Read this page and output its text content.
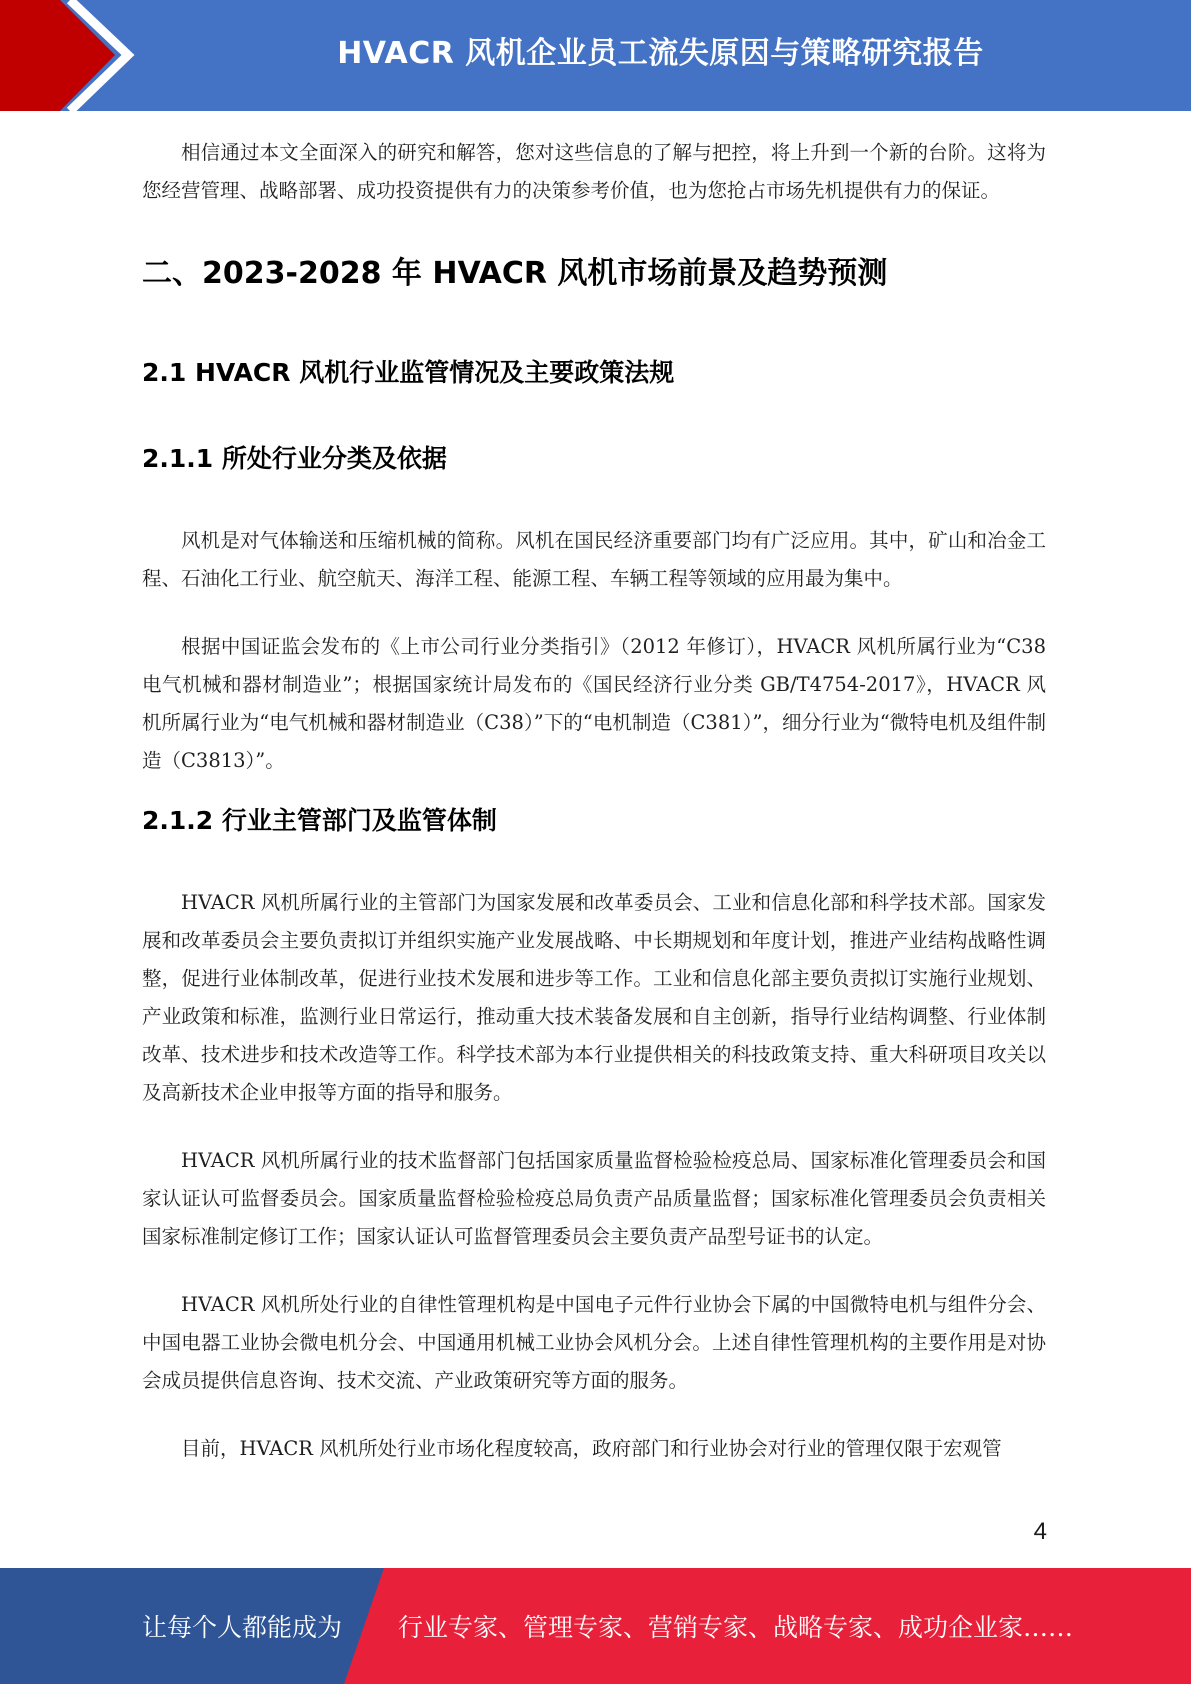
HVACR 风机企业员工流失原因与策略研究报告

相信通过本文全面深入的研究和解答，您对这些信息的了解与把控，将上升到一个新的台阶。这将为您经营管理、战略部署、成功投资提供有力的决策参考价值，也为您抢占市场先机提供有力的保证。

二、2023-2028 年 HVACR 风机市场前景及趋势预测
2.1 HVACR 风机行业监管情况及主要政策法规
2.1.1 所处行业分类及依据

风机是对气体输送和压缩机械的简称。风机在国民经济重要部门均有广泛应用。其中，矿山和冶金工程、石油化工行业、航空航天、海洋工程、能源工程、车辆工程等领域的应用最为集中。

根据中国证监会发布的《上市公司行业分类指引》（2012 年修订），HVACR 风机所属行业为“C38 电气机械和器材制造业”；根据国家统计局发布的《国民经济行业分类 GB/T4754-2017》，HVACR 风机所属行业为“电气机械和器材制造业（C38）”下的“电机制造（C381）”，细分行业为“微特电机及组件制造（C3813）”。

2.1.2 行业主管部门及监管体制

HVACR 风机所属行业的主管部门为国家发展和改革委员会、工业和信息化部和科学技术部。国家发展和改革委员会主要负责拟订并组织实施产业发展战略、中长期规划和年度计划，推进产业结构战略性调整，促进行业体制改革，促进行业技术发展和进步等工作。工业和信息化部主要负责拟订实施行业规划、产业政策和标准，监测行业日常运行，推动重大技术装备发展和自主创新，指导行业结构调整、行业体制改革、技术进步和技术改造等工作。科学技术部为本行业提供相关的科技政策支持、重大科研项目攻关以及高新技术企业申报等方面的指导和服务。

HVACR 风机所属行业的技术监督部门包括国家质量监督检验检疫总局、国家标准化管理委员会和国家认证认可监督委员会。国家质量监督检验检疫总局负责产品质量监督；国家标准化管理委员会负责相关国家标准制定修订工作；国家认证认可监督管理委员会主要负责产品型号证书的认定。

HVACR 风机所处行业的自律性管理机构是中国电子元件行业协会下属的中国微特电机与组件分会、中国电器工业协会微电机分会、中国通用机械工业协会风机分会。上述自律性管理机构的主要作用是对协会成员提供信息咨询、技术交流、产业政策研究等方面的服务。

目前，HVACR 风机所处行业市场化程度较高，政府部门和行业协会对行业的管理仅限于宏观管

4
让每个人都能成为 行业专家、管理专家、营销专家、战略专家、成功企业家……
